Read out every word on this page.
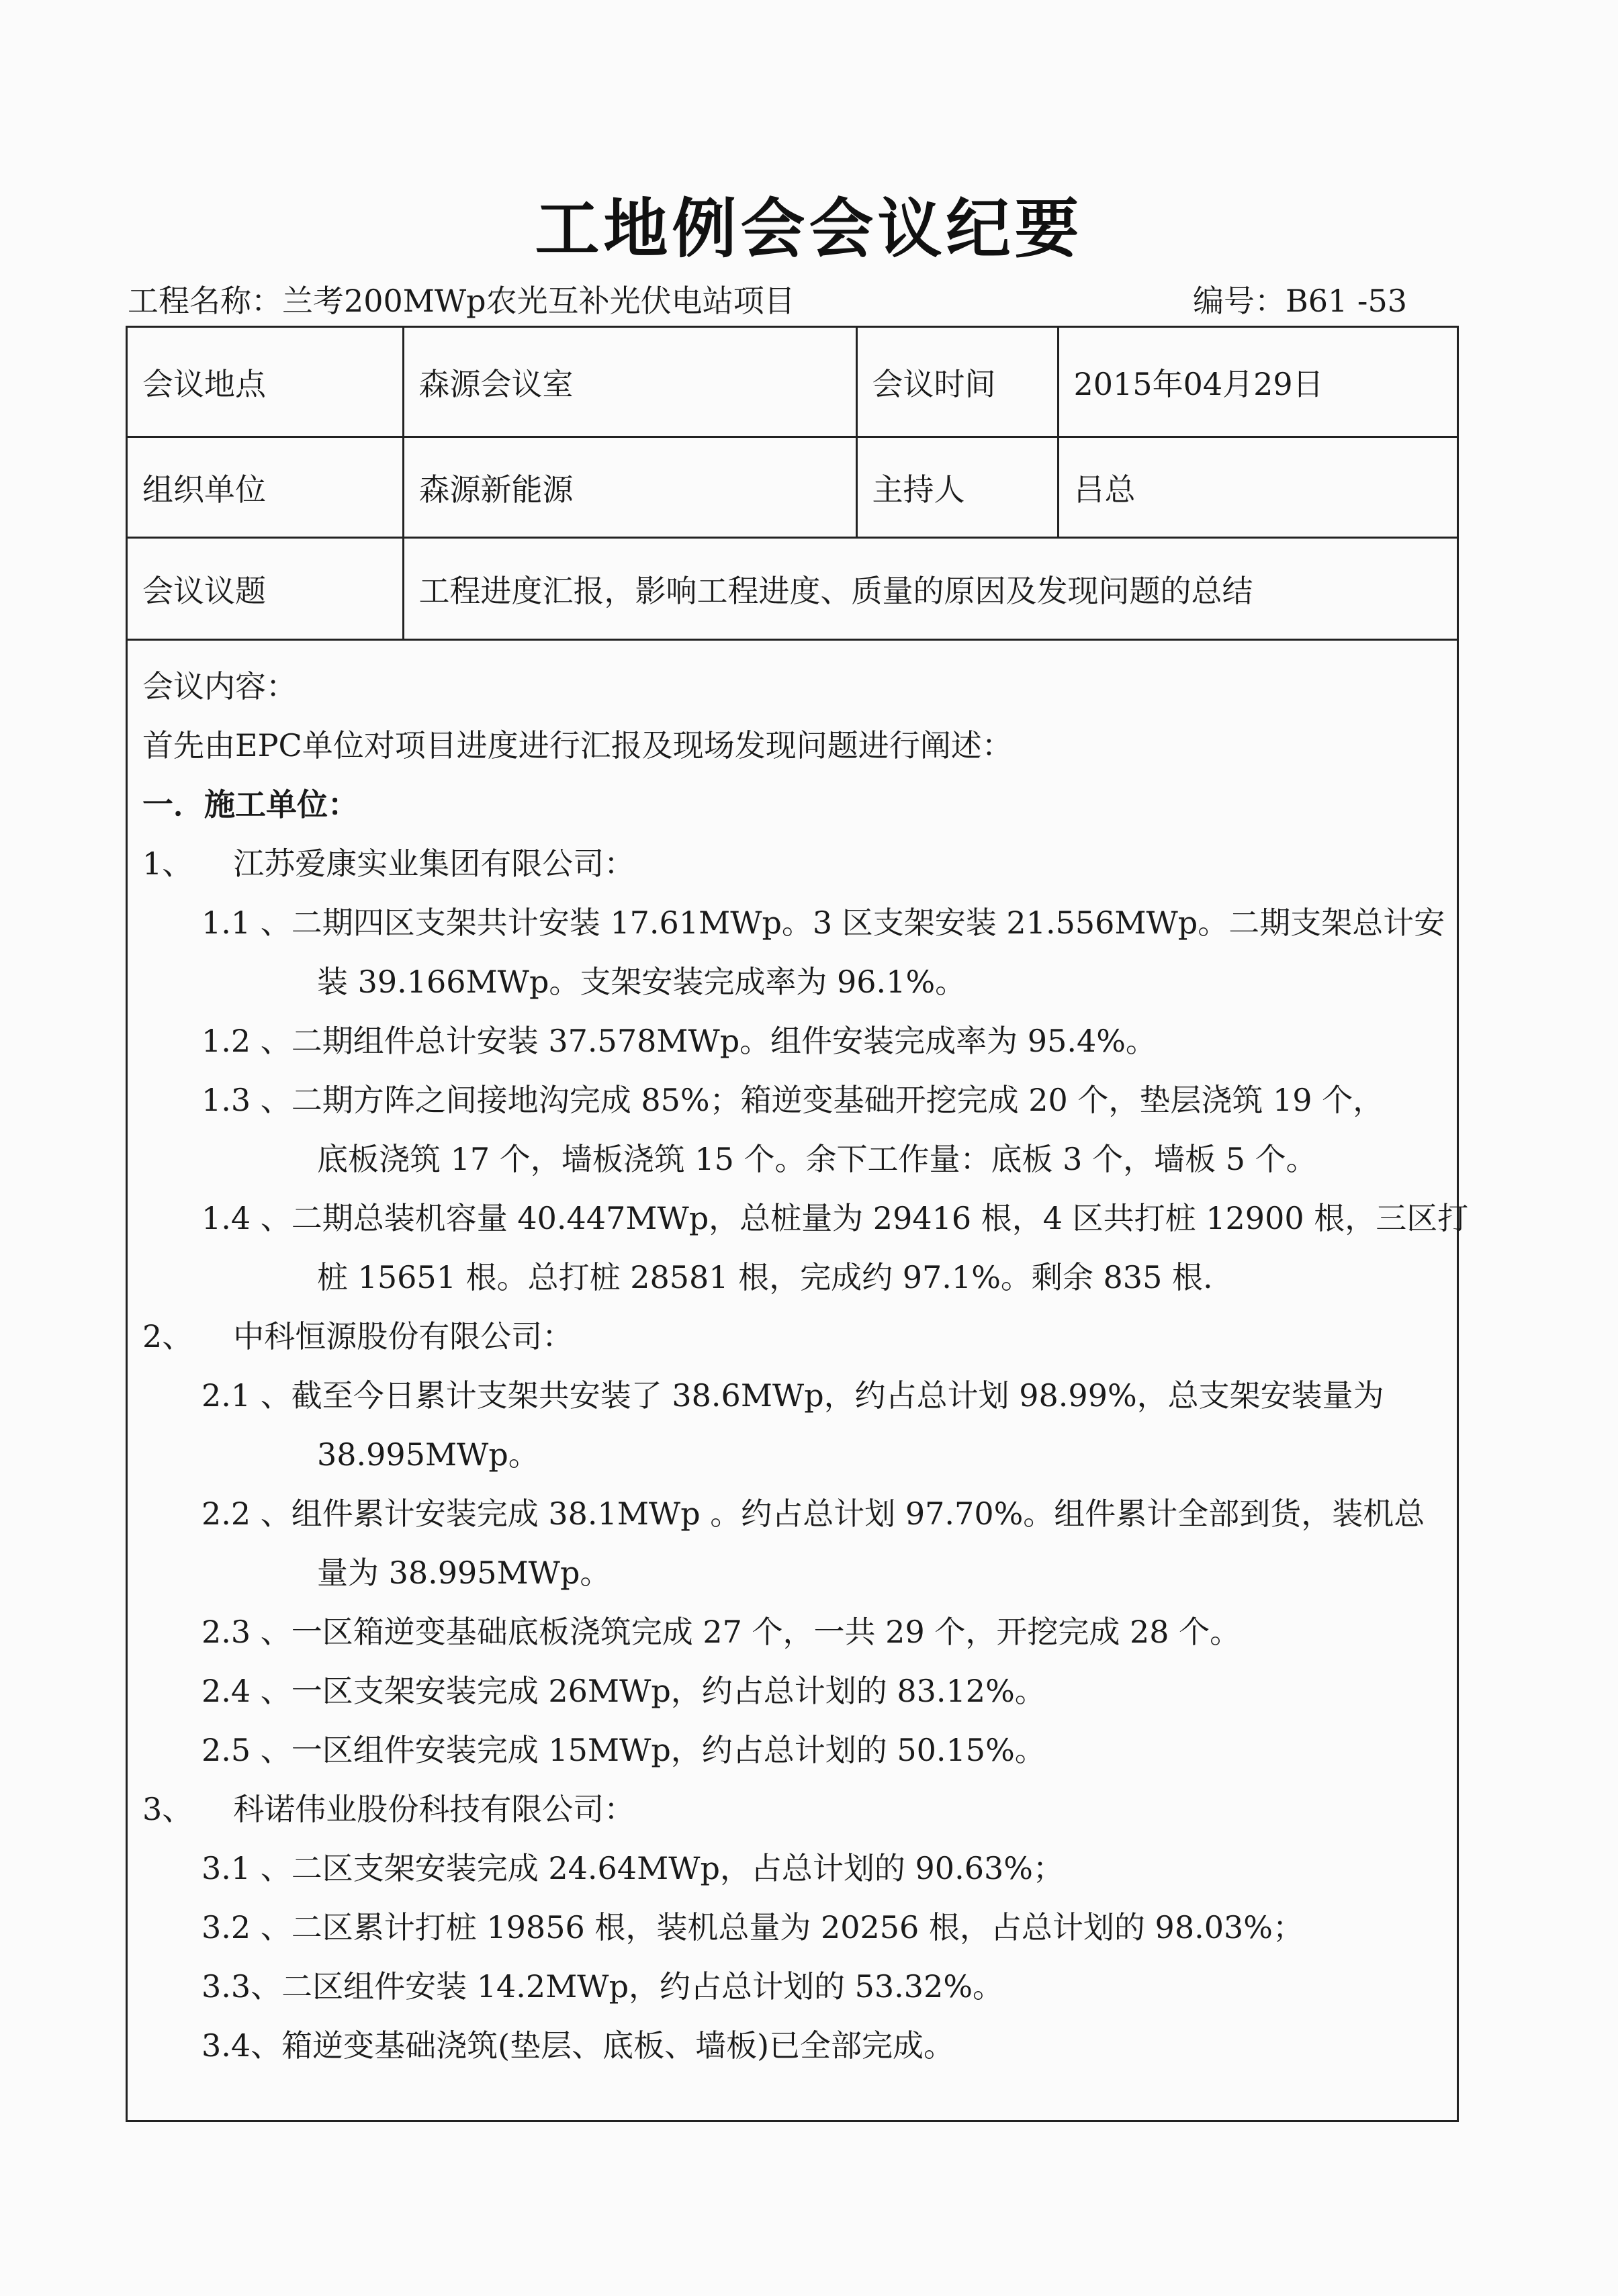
工地例会会议纪要
工程名称：兰考200MWp农光互补光伏电站项目	编号：B61 -53
会议地点	森源会议室	会议时间	2015年04月29日
组织单位	森源新能源	主持人	吕总
会议议题	工程进度汇报，影响工程进度、质量的原因及发现问题的总结		
会议内容：
首先由EPC单位对项目进度进行汇报及现场发现问题进行阐述：
一．施工单位：
1、 江苏爱康实业集团有限公司：
1.1 、二期四区支架共计安装 17.61MWp。3 区支架安装 21.556MWp。二期支架总计安
装 39.166MWp。支架安装完成率为 96.1%。
1.2 、二期组件总计安装 37.578MWp。组件安装完成率为 95.4%。
1.3 、二期方阵之间接地沟完成 85%；箱逆变基础开挖完成 20 个，垫层浇筑 19 个，
底板浇筑 17 个，墙板浇筑 15 个。余下工作量：底板 3 个，墙板 5 个。
1.4 、二期总装机容量 40.447MWp，总桩量为 29416 根，4 区共打桩 12900 根，三区打
桩 15651 根。总打桩 28581 根，完成约 97.1%。剩余 835 根.
2、 中科恒源股份有限公司：
2.1 、截至今日累计支架共安装了 38.6MWp，约占总计划 98.99%，总支架安装量为
38.995MWp。
2.2 、组件累计安装完成 38.1MWp 。约占总计划 97.70%。组件累计全部到货，装机总
量为 38.995MWp。
2.3 、一区箱逆变基础底板浇筑完成 27 个，一共 29 个，开挖完成 28 个。
2.4 、一区支架安装完成 26MWp，约占总计划的 83.12%。
2.5 、一区组件安装完成 15MWp，约占总计划的 50.15%。
3、 科诺伟业股份科技有限公司：
3.1 、二区支架安装完成 24.64MWp，占总计划的 90.63%；
3.2 、二区累计打桩 19856 根，装机总量为 20256 根，占总计划的 98.03%；
3.3、二区组件安装 14.2MWp，约占总计划的 53.32%。
3.4、箱逆变基础浇筑(垫层、底板、墙板)已全部完成。
